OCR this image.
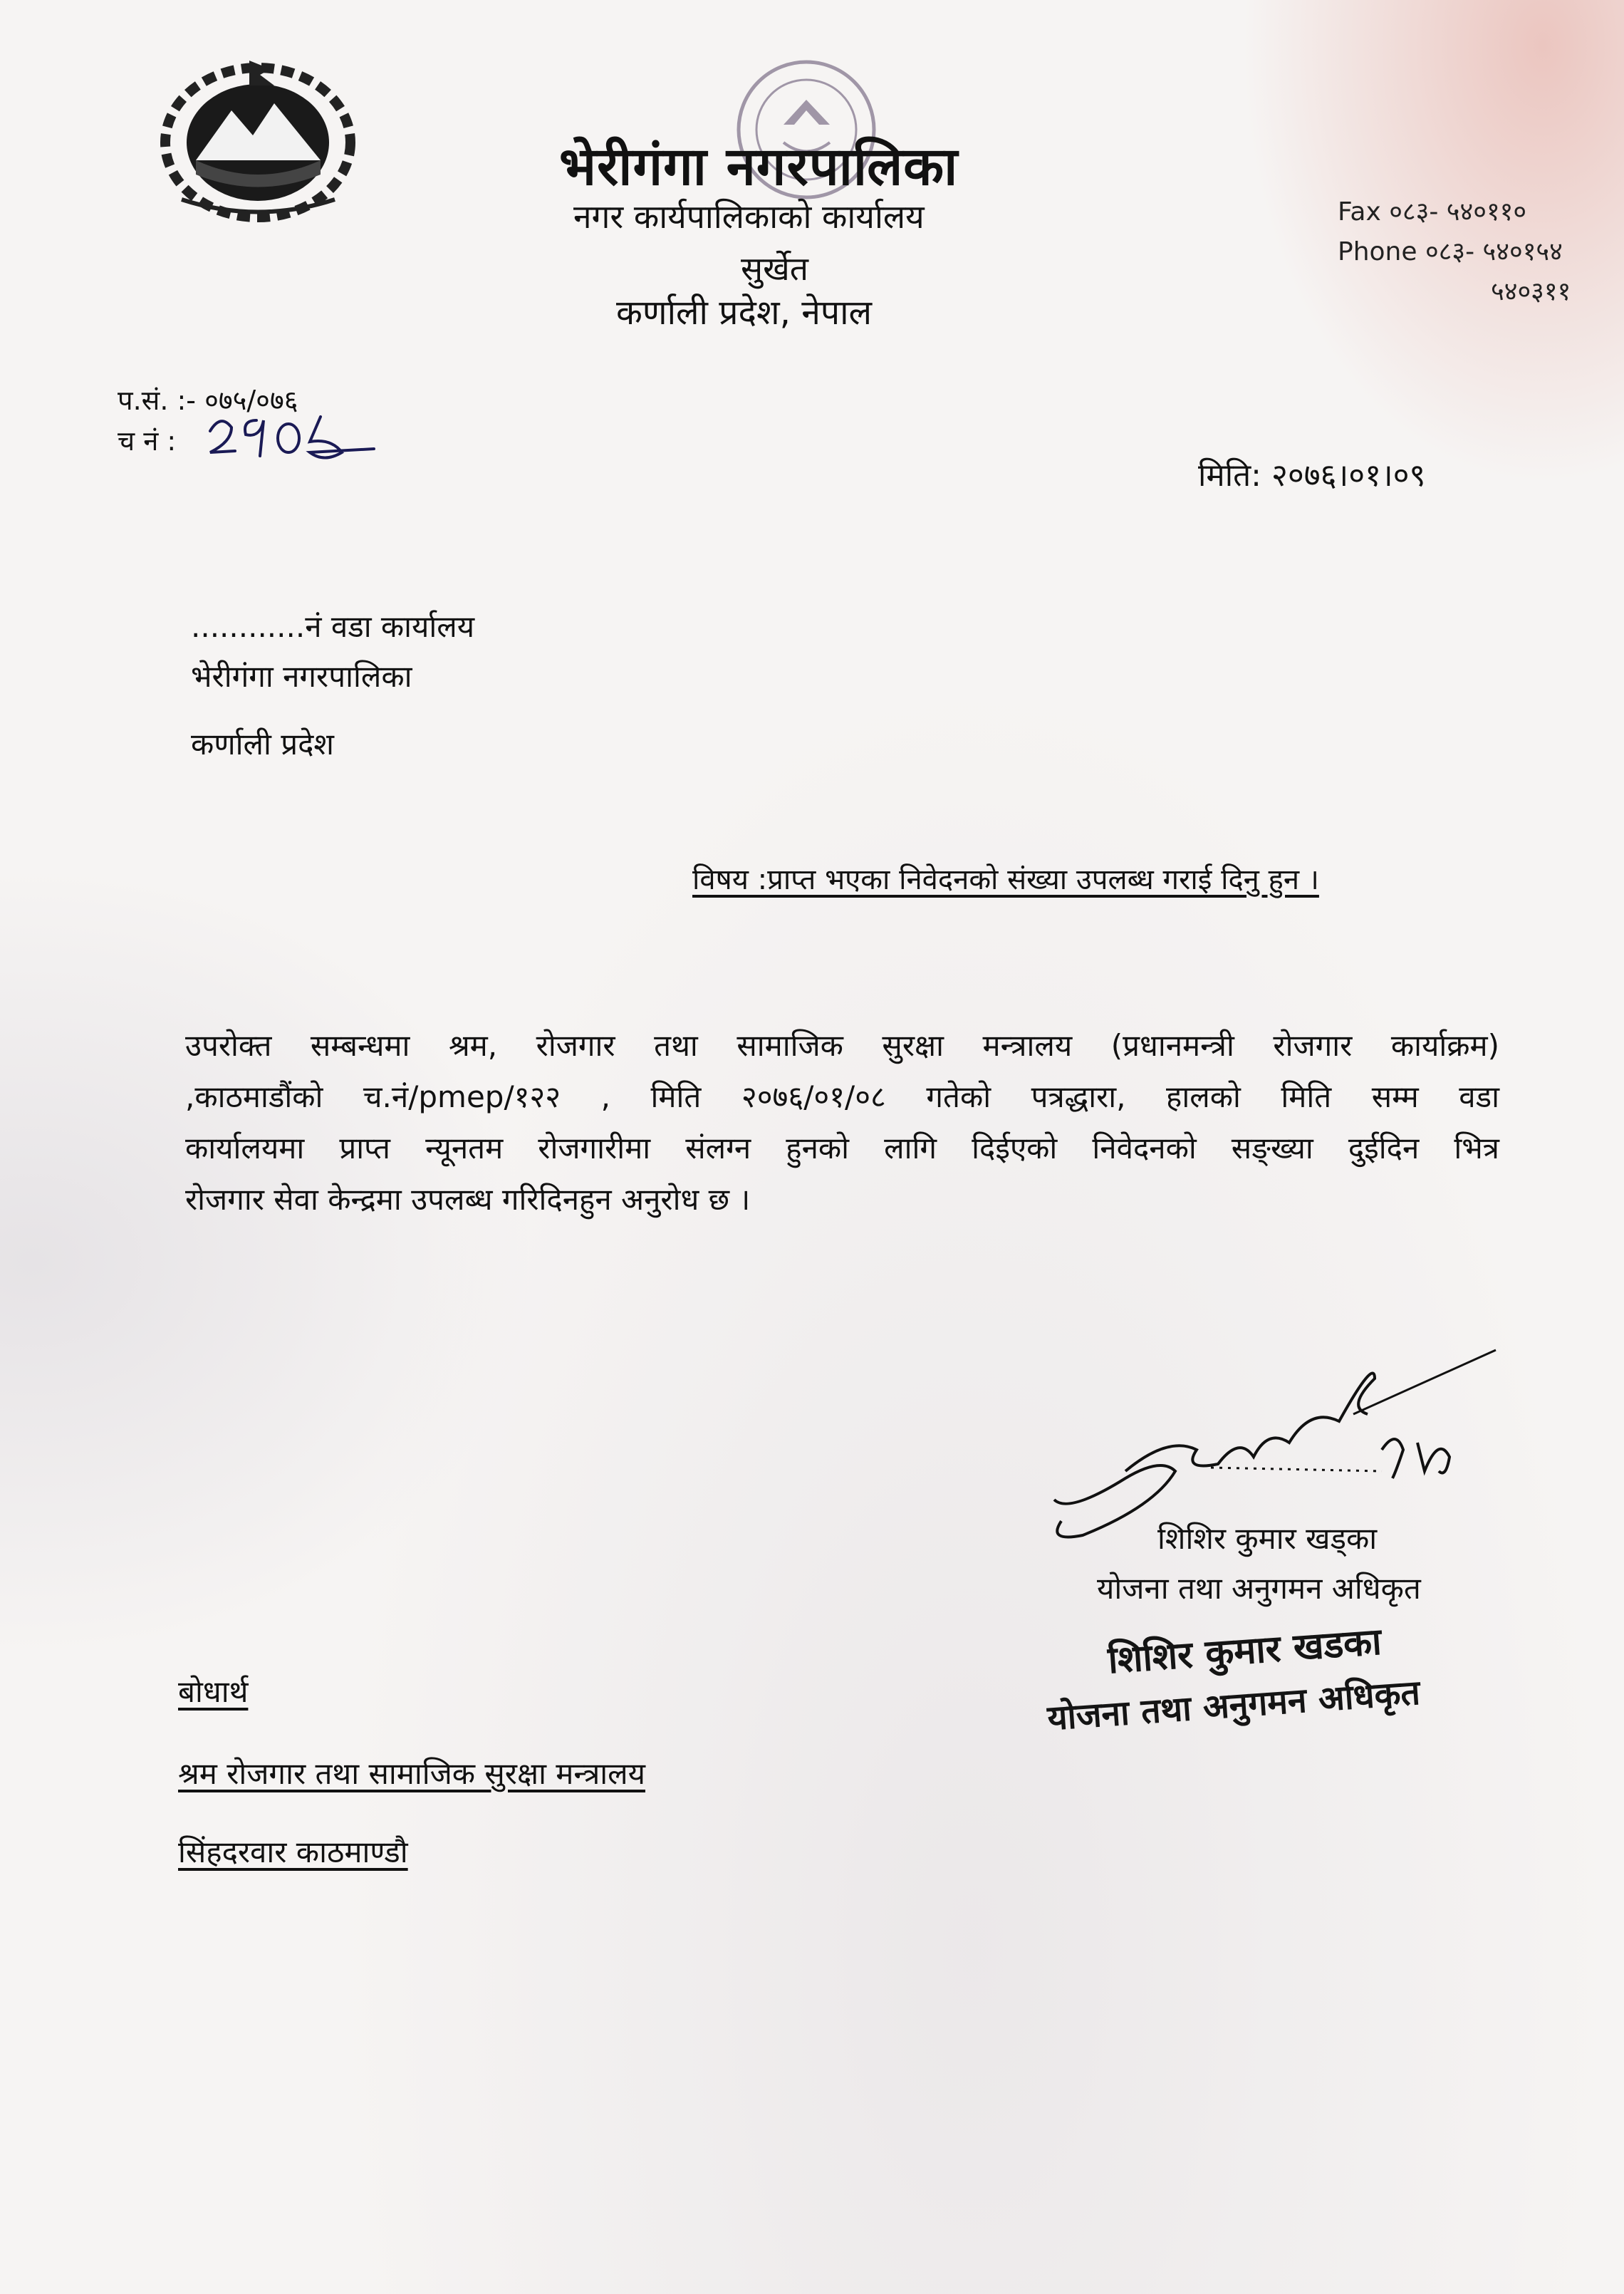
भेरीगंगा नगरपालिका
नगर कार्यपालिकाको कार्यालय
सुर्खेत
कर्णाली प्रदेश, नेपाल
Fax ०८३- ५४०११०
Phone ०८३- ५४०१५४
५४०३११
प.सं. :- ०७५/०७६
च नं :
मिति: २०७६।०१।०९
............नं वडा कार्यालय
भेरीगंगा नगरपालिका
कर्णाली प्रदेश
विषय :प्राप्त भएका निवेदनको संख्या उपलब्ध गराई दिनु हुन ।
उपरोक्त सम्बन्धमा श्रम, रोजगार तथा सामाजिक सुरक्षा मन्त्रालय (प्रधानमन्त्री रोजगार कार्याक्रम)
,काठमाडौंको च.नं/pmep/१२२ , मिति २०७६/०१/०८ गतेको पत्रद्धारा, हालको मिति सम्म वडा
कार्यालयमा प्राप्त न्यूनतम रोजगारीमा संलग्न हुनको लागि दिईएको निवेदनको सङ्ख्या दुईदिन भित्र
रोजगार सेवा केन्द्रमा उपलब्ध गरिदिनहुन अनुरोध छ ।
शिशिर कुमार खड्का
योजना तथा अनुगमन अधिकृत
शिशिर कुमार खडका
योजना तथा अनुगमन अधिकृत
बोधार्थ
श्रम रोजगार तथा सामाजिक सुरक्षा मन्त्रालय
सिंहदरवार काठमाण्डौ
